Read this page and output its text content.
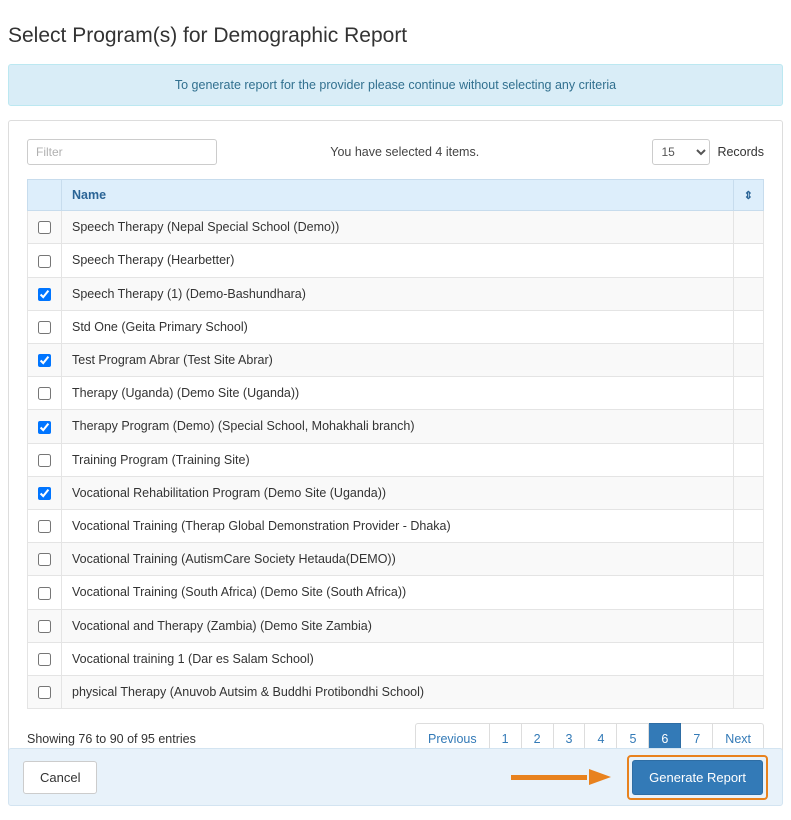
Select Program(s) for Demographic Report
To generate report for the provider please continue without selecting any criteria
Filter
You have selected 4 items.
15	Records
	Name	⇕
	Speech Therapy (Nepal Special School (Demo))	
	Speech Therapy (Hearbetter)	
	Speech Therapy (1) (Demo-Bashundhara)	
	Std One (Geita Primary School)	
	Test Program Abrar (Test Site Abrar)	
	Therapy (Uganda) (Demo Site (Uganda))	
	Therapy Program (Demo) (Special School, Mohakhali branch)	
	Training Program (Training Site)	
	Vocational Rehabilitation Program (Demo Site (Uganda))	
	Vocational Training (Therap Global Demonstration Provider - Dhaka)	
	Vocational Training (AutismCare Society Hetauda(DEMO))	
	Vocational Training (South Africa) (Demo Site (South Africa))	
	Vocational and Therapy (Zambia) (Demo Site Zambia)	
	Vocational training 1 (Dar es Salam School)	
	physical Therapy (Anuvob Autsim & Buddhi Protibondhi School)	
Showing 76 to 90 of 95 entries	Previous	1	2	3	4	5	6	7	Next
Cancel	Generate Report
